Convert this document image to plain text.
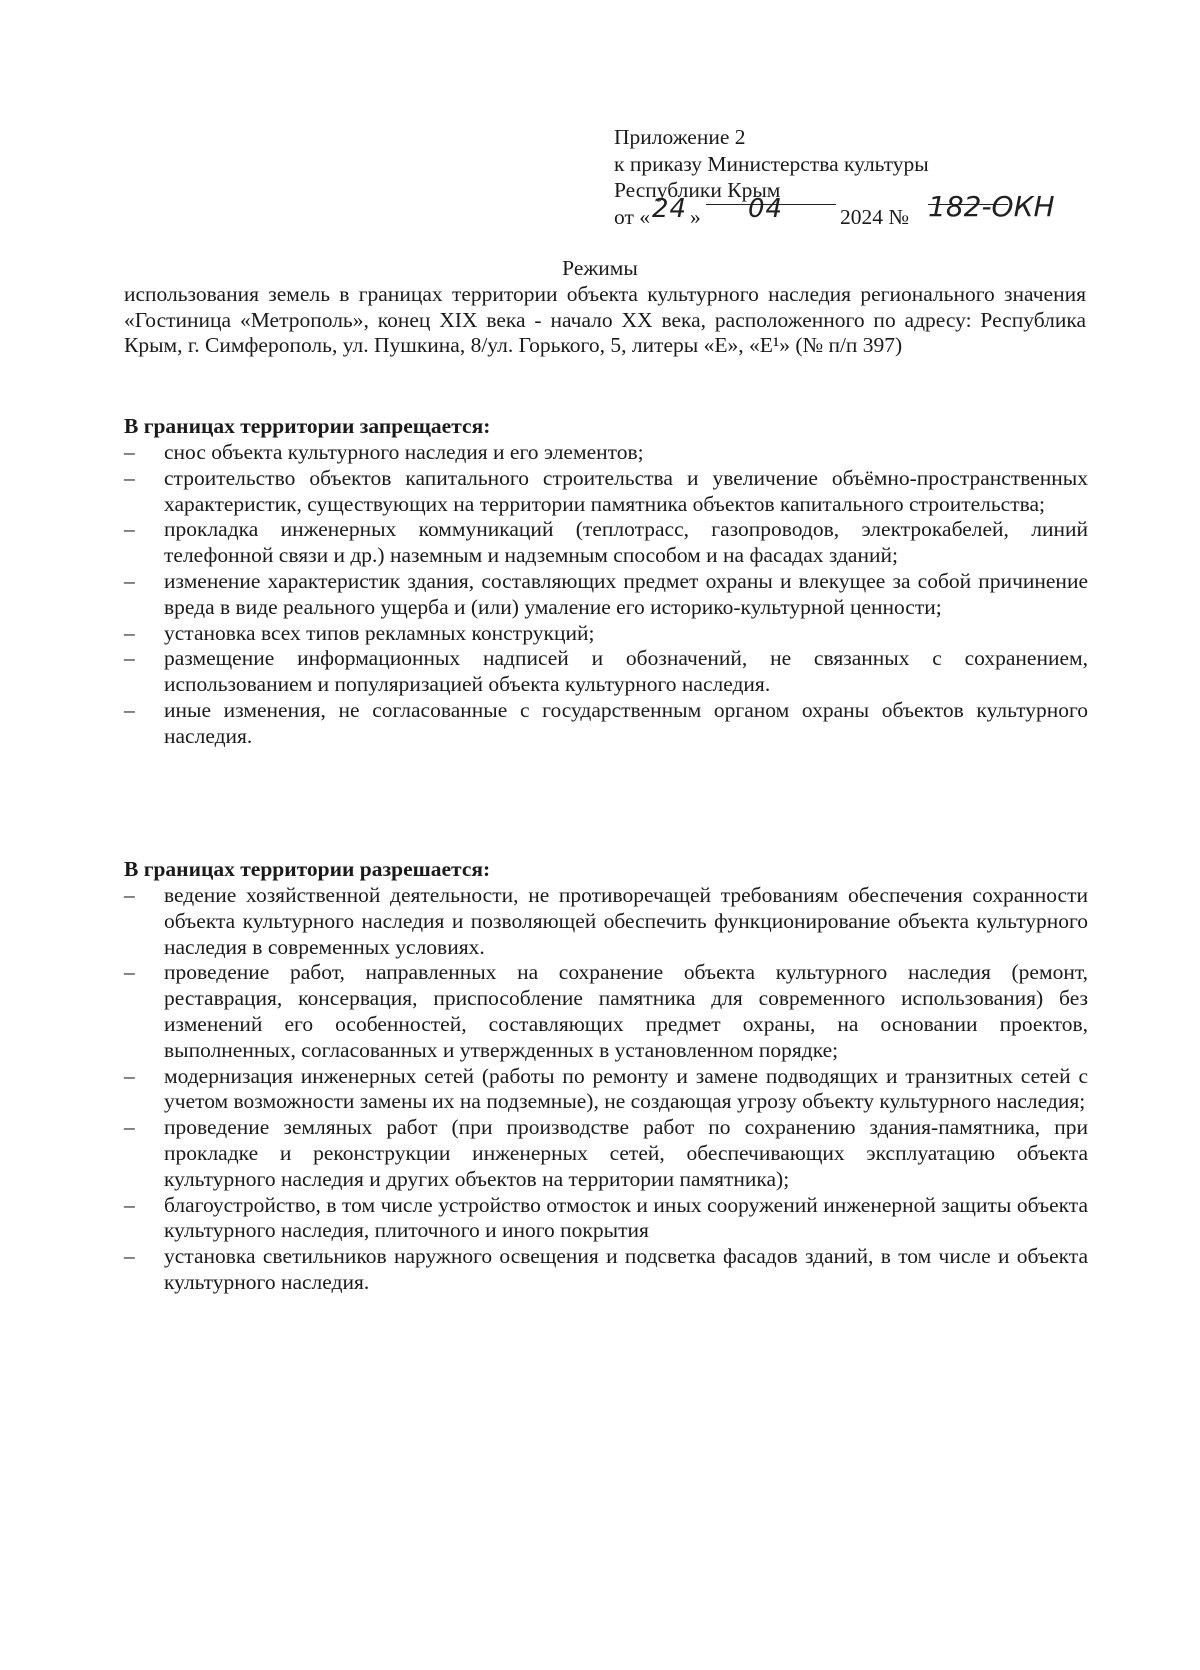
Приложение 2
к приказу Министерства культуры
Республики Крым
от « 24 » 04	2024 № 182-ОКН
Режимы
использования земель в границах территории объекта культурного наследия регионального значения «Гостиница «Метрополь», конец XIX века - начало XX века, расположенного по адресу: Республика Крым, г. Симферополь, ул. Пушкина, 8/ул. Горького, 5, литеры «Е», «Е¹» (№ п/п 397)
В границах территории запрещается:
– снос объекта культурного наследия и его элементов;
– строительство объектов капитального строительства и увеличение объёмно-пространственных характеристик, существующих на территории памятника объектов капитального строительства;
– прокладка инженерных коммуникаций (теплотрасс, газопроводов, электрокабелей, линий телефонной связи и др.) наземным и надземным способом и на фасадах зданий;
– изменение характеристик здания, составляющих предмет охраны и влекущее за собой причинение вреда в виде реального ущерба и (или) умаление его историко-культурной ценности;
– установка всех типов рекламных конструкций;
– размещение информационных надписей и обозначений, не связанных с сохранением, использованием и популяризацией объекта культурного наследия.
– иные изменения, не согласованные с государственным органом охраны объектов культурного наследия.
В границах территории разрешается:
– ведение хозяйственной деятельности, не противоречащей требованиям обеспечения сохранности объекта культурного наследия и позволяющей обеспечить функционирование объекта культурного наследия в современных условиях.
– проведение работ, направленных на сохранение объекта культурного наследия (ремонт, реставрация, консервация, приспособление памятника для современного использования) без изменений его особенностей, составляющих предмет охраны, на основании проектов, выполненных, согласованных и утвержденных в установленном порядке;
– модернизация инженерных сетей (работы по ремонту и замене подводящих и транзитных сетей с учетом возможности замены их на подземные), не создающая угрозу объекту культурного наследия;
– проведение земляных работ (при производстве работ по сохранению здания-памятника, при прокладке и реконструкции инженерных сетей, обеспечивающих эксплуатацию объекта культурного наследия и других объектов на территории памятника);
– благоустройство, в том числе устройство отмосток и иных сооружений инженерной защиты объекта культурного наследия, плиточного и иного покрытия
– установка светильников наружного освещения и подсветка фасадов зданий, в том числе и объекта культурного наследия.
